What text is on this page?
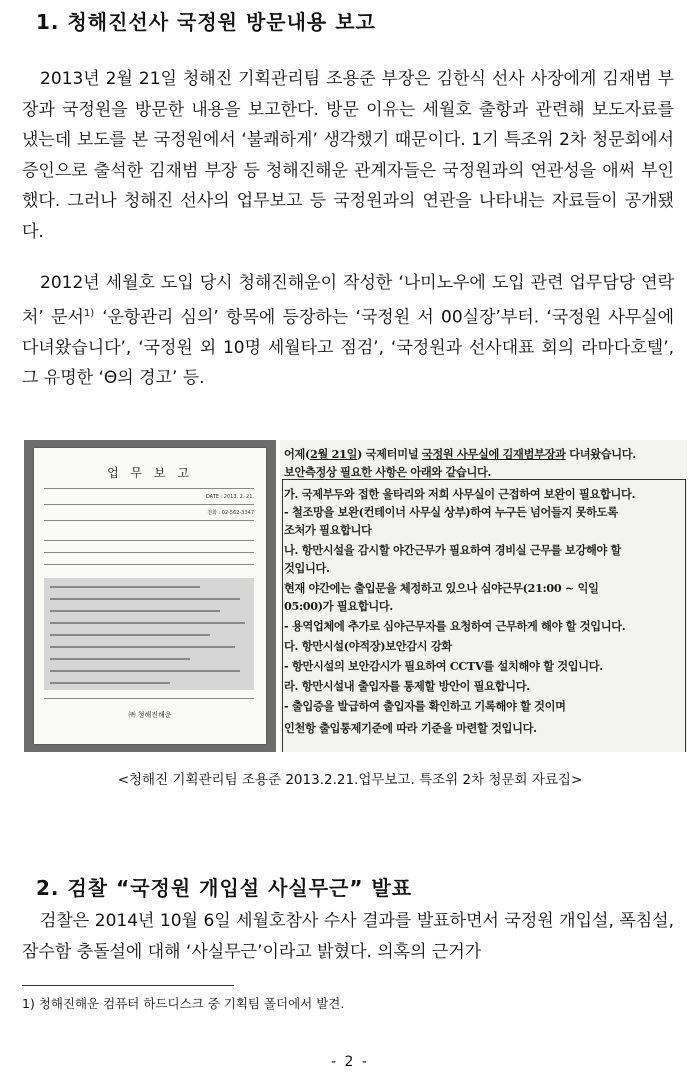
1. 청해진선사 국정원 방문내용 보고
2013년 2월 21일 청해진 기획관리팀 조용준 부장은 김한식 선사 사장에게 김재범 부장과 국정원을 방문한 내용을 보고한다. 방문 이유는 세월호 출항과 관련해 보도자료를 냈는데 보도를 본 국정원에서 ‘불쾌하게’ 생각했기 때문이다. 1기 특조위 2차 청문회에서 증인으로 출석한 김재범 부장 등 청해진해운 관계자들은 국정원과의 연관성을 애써 부인했다. 그러나 청해진 선사의 업무보고 등 국정원과의 연관을 나타내는 자료들이 공개됐다.
2012년 세월호 도입 당시 청해진해운이 작성한 ‘나미노우에 도입 관련 업무담당 연락처’ 문서$^{1)}$ ‘운항관리 심의’ 항목에 등장하는 ‘국정원 서 00실장’부터. ‘국정원 사무실에 다녀왔습니다’, ‘국정원 외 10명 세월타고 점검’, ‘국정원과 선사대표 회의 라마다호텔’, 그 유명한 ‘Θ의 경고’ 등.
업 무 보 고
DATE : 2013. 2. 21.
전화 : 02-562-3347
㈜ 청해진해운
어제(2월 21일) 국제터미널 국정원 사무실에 김재범부장과 다녀왔습니다.
보안측정상 필요한 사항은 아래와 같습니다.
가. 국제부두와 접한 울타리와 저희 사무실이 근접하여 보완이 필요합니다.
- 철조망을 보완(컨테이너 사무실 상부)하여 누구든 넘어들지 못하도록
조처가 필요합니다
나. 항만시설을 감시할 야간근무가 필요하여 경비실 근무를 보강해야 할
것입니다.
현재 야간에는 출입문을 체정하고 있으나 심야근무(21:00 ~ 익일
05:00)가 필요합니다.
- 용역업체에 추가로 심야근무자를 요청하여 근무하게 해야 할 것입니다.
다. 항만시설(야적장)보안감시 강화
- 항만시설의 보안감시가 필요하여 CCTV를 설치해야 할 것입니다.
라. 항만시설내 출입자를 통제할 방안이 필요합니다.
- 출입증을 발급하여 출입자를 확인하고 기록해야 할 것이며
인천항 출입통제기준에 따라 기준을 마련할 것입니다.
<청해진 기획관리팀 조용준 2013.2.21.업무보고. 특조위 2차 청문회 자료집>
2. 검찰 “국정원 개입설 사실무근” 발표
검찰은 2014년 10월 6일 세월호참사 수사 결과를 발표하면서 국정원 개입설, 폭침설, 잠수함 충돌설에 대해 ‘사실무근’이라고 밝혔다. 의혹의 근거가
1) 청해진해운 컴퓨터 하드디스크 중 기획팀 폴더에서 발견.
- 2 -
